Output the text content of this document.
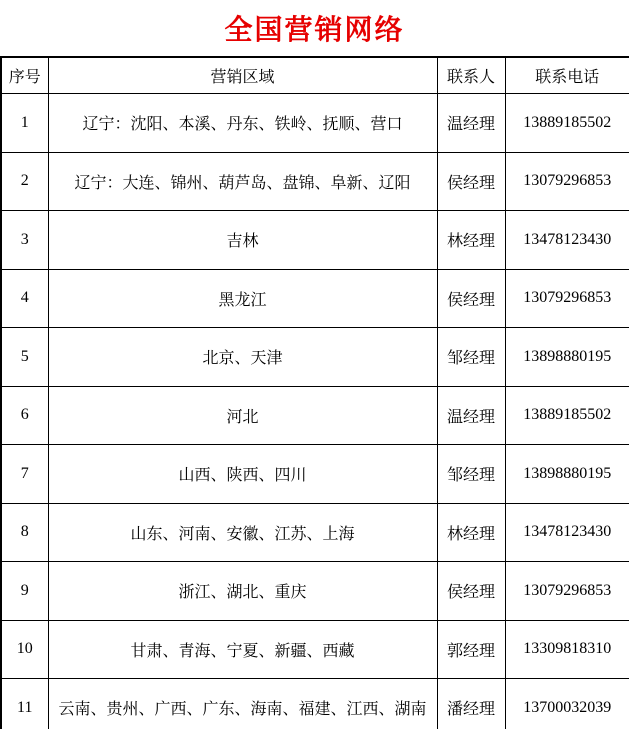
全国营销网络
序号	营销区域	联系人	联系电话
1	辽宁：沈阳、本溪、丹东、铁岭、抚顺、营口	温经理	13889185502
2	辽宁：大连、锦州、葫芦岛、盘锦、阜新、辽阳	侯经理	13079296853
3	吉林	林经理	13478123430
4	黑龙江	侯经理	13079296853
5	北京、天津	邹经理	13898880195
6	河北	温经理	13889185502
7	山西、陕西、四川	邹经理	13898880195
8	山东、河南、安徽、江苏、上海	林经理	13478123430
9	浙江、湖北、重庆	侯经理	13079296853
10	甘肃、青海、宁夏、新疆、西藏	郭经理	13309818310
11	云南、贵州、广西、广东、海南、福建、江西、湖南	潘经理	13700032039
